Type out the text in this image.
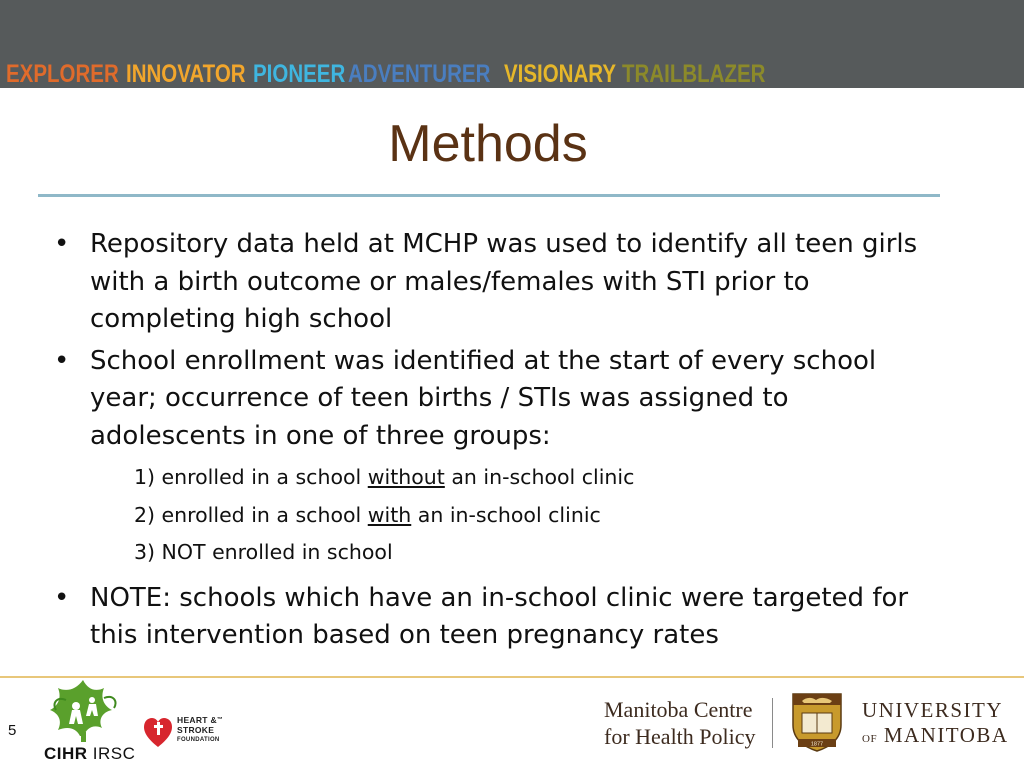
EXPLORER INNOVATOR PIONEER ADVENTURER VISIONARY TRAILBLAZER
Methods
• Repository data held at MCHP was used to identify all teen girls with a birth outcome or males/females with STI prior to completing high school
• School enrollment was identified at the start of every school year; occurrence of teen births / STIs was assigned to adolescents in one of three groups:
1) enrolled in a school without an in-school clinic
2) enrolled in a school with an in-school clinic
3) NOT enrolled in school
• NOTE: schools which have an in-school clinic were targeted for this intervention based on teen pregnancy rates
5
CIHR IRSC
HEART &™
STROKE
FOUNDATION
Manitoba Centre
for Health Policy	1877
UNIVERSITY
OF MANITOBA
